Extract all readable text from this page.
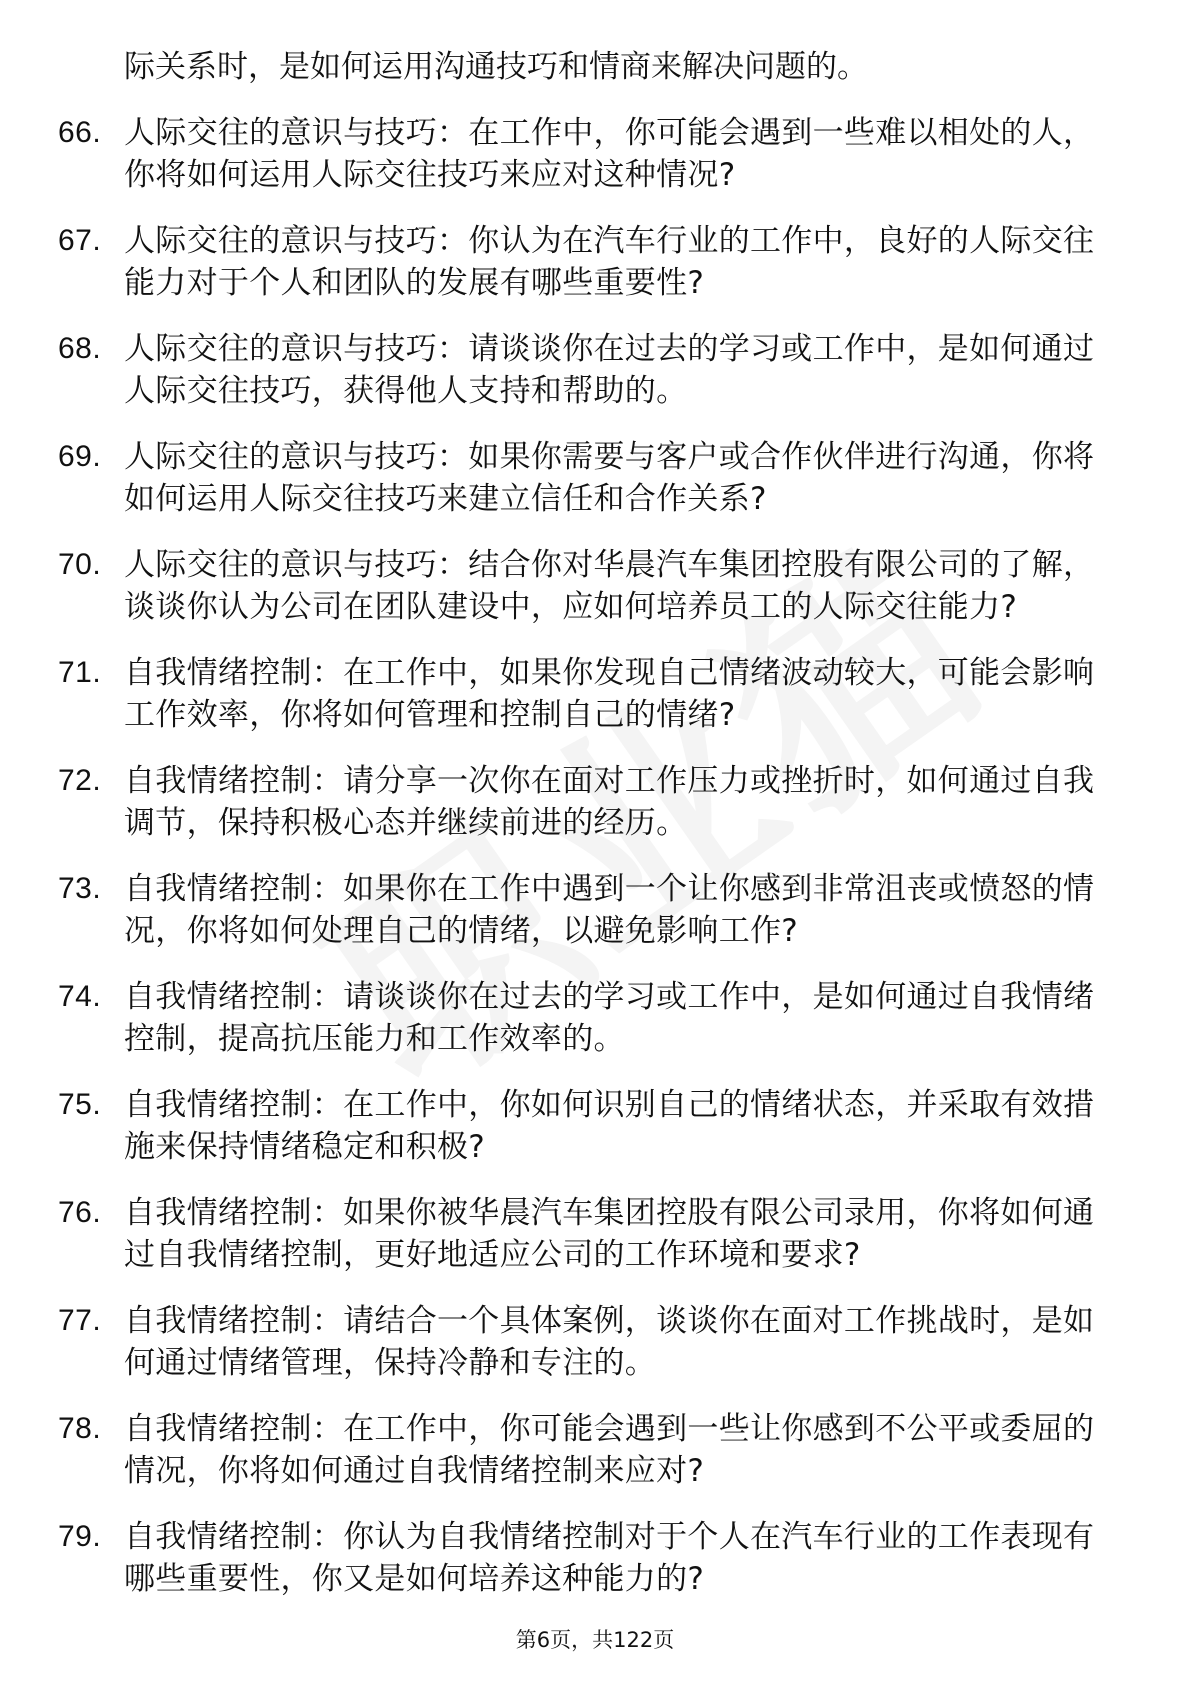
际关系时，是如何运用沟通技巧和情商来解决问题的。
66. 人际交往的意识与技巧：在工作中，你可能会遇到一些难以相处的人，你将如何运用人际交往技巧来应对这种情况?
67. 人际交往的意识与技巧：你认为在汽车行业的工作中，良好的人际交往能力对于个人和团队的发展有哪些重要性?
68. 人际交往的意识与技巧：请谈谈你在过去的学习或工作中，是如何通过人际交往技巧，获得他人支持和帮助的。
69. 人际交往的意识与技巧：如果你需要与客户或合作伙伴进行沟通，你将如何运用人际交往技巧来建立信任和合作关系?
70. 人际交往的意识与技巧：结合你对华晨汽车集团控股有限公司的了解，谈谈你认为公司在团队建设中，应如何培养员工的人际交往能力?
71. 自我情绪控制：在工作中，如果你发现自己情绪波动较大，可能会影响工作效率，你将如何管理和控制自己的情绪?
72. 自我情绪控制：请分享一次你在面对工作压力或挫折时，如何通过自我调节，保持积极心态并继续前进的经历。
73. 自我情绪控制：如果你在工作中遇到一个让你感到非常沮丧或愤怒的情况，你将如何处理自己的情绪，以避免影响工作?
74. 自我情绪控制：请谈谈你在过去的学习或工作中，是如何通过自我情绪控制，提高抗压能力和工作效率的。
75. 自我情绪控制：在工作中，你如何识别自己的情绪状态，并采取有效措施来保持情绪稳定和积极?
76. 自我情绪控制：如果你被华晨汽车集团控股有限公司录用，你将如何通过自我情绪控制，更好地适应公司的工作环境和要求?
77. 自我情绪控制：请结合一个具体案例，谈谈你在面对工作挑战时，是如何通过情绪管理，保持冷静和专注的。
78. 自我情绪控制：在工作中，你可能会遇到一些让你感到不公平或委屈的情况，你将如何通过自我情绪控制来应对?
79. 自我情绪控制：你认为自我情绪控制对于个人在汽车行业的工作表现有哪些重要性，你又是如何培养这种能力的?
第6页，共122页
